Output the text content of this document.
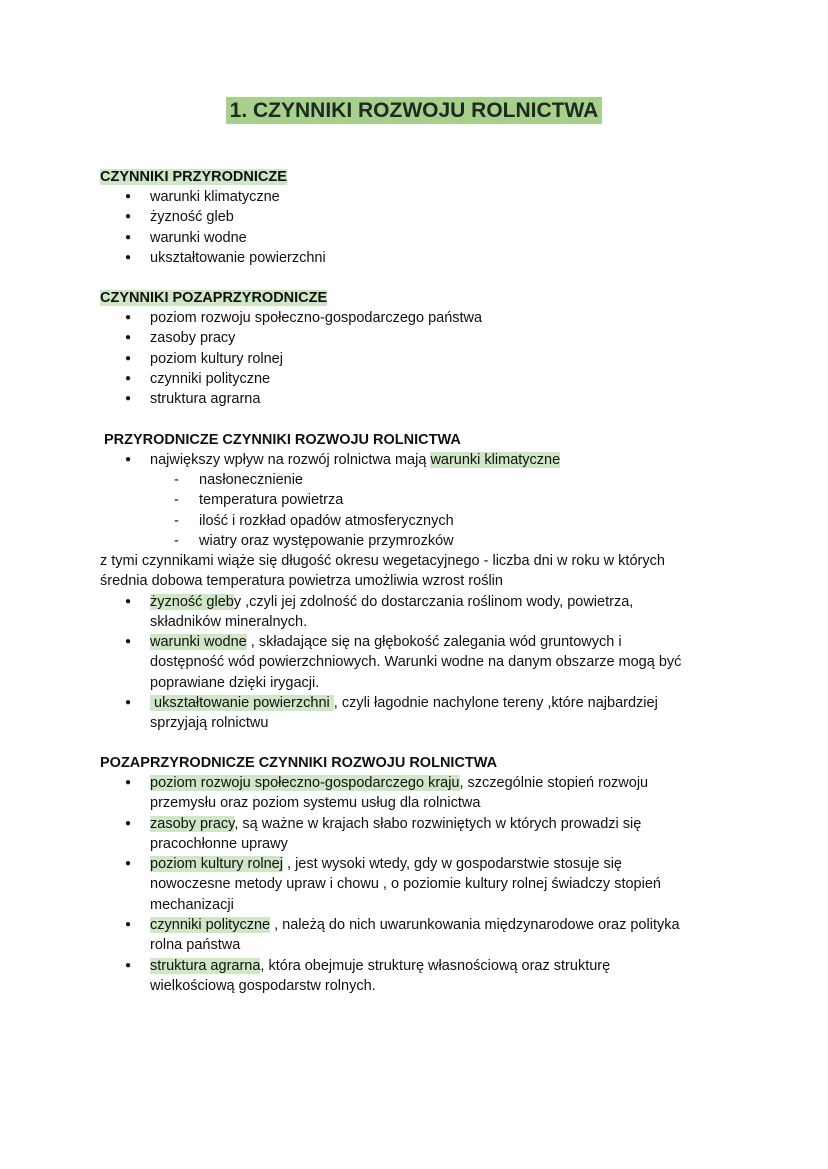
1. CZYNNIKI ROZWOJU ROLNICTWA
CZYNNIKI PRZYRODNICZE
● warunki klimatyczne
● żyzność gleb
● warunki wodne
● ukształtowanie powierzchni
CZYNNIKI POZAPRZYRODNICZE
● poziom rozwoju społeczno-gospodarczego państwa
● zasoby pracy
● poziom kultury rolnej
● czynniki polityczne
● struktura agrarna
PRZYRODNICZE CZYNNIKI ROZWOJU ROLNICTWA
● największy wpływ na rozwój rolnictwa mają warunki klimatyczne
- nasłonecznienie
- temperatura powietrza
- ilość i rozkład opadów atmosferycznych
- wiatry oraz występowanie przymrozków
z tymi czynnikami wiąże się długość okresu wegetacyjnego - liczba dni w roku w których
średnia dobowa temperatura powietrza umożliwia wzrost roślin
● żyzność gleby ,czyli jej zdolność do dostarczania roślinom wody, powietrza,
składników mineralnych.
● warunki wodne , składające się na głębokość zalegania wód gruntowych i
dostępność wód powierzchniowych. Warunki wodne na danym obszarze mogą być
poprawiane dzięki irygacji.
●  ukształtowanie powierzchni , czyli łagodnie nachylone tereny ,które najbardziej
sprzyjają rolnictwu
POZAPRZYRODNICZE CZYNNIKI ROZWOJU ROLNICTWA
● poziom rozwoju społeczno-gospodarczego kraju, szczególnie stopień rozwoju
przemysłu oraz poziom systemu usług dla rolnictwa
● zasoby pracy, są ważne w krajach słabo rozwiniętych w których prowadzi się
pracochłonne uprawy
● poziom kultury rolnej , jest wysoki wtedy, gdy w gospodarstwie stosuje się
nowoczesne metody upraw i chowu , o poziomie kultury rolnej świadczy stopień
mechanizacji
● czynniki polityczne , należą do nich uwarunkowania międzynarodowe oraz polityka
rolna państwa
● struktura agrarna, która obejmuje strukturę własnościową oraz strukturę
wielkościową gospodarstw rolnych.
